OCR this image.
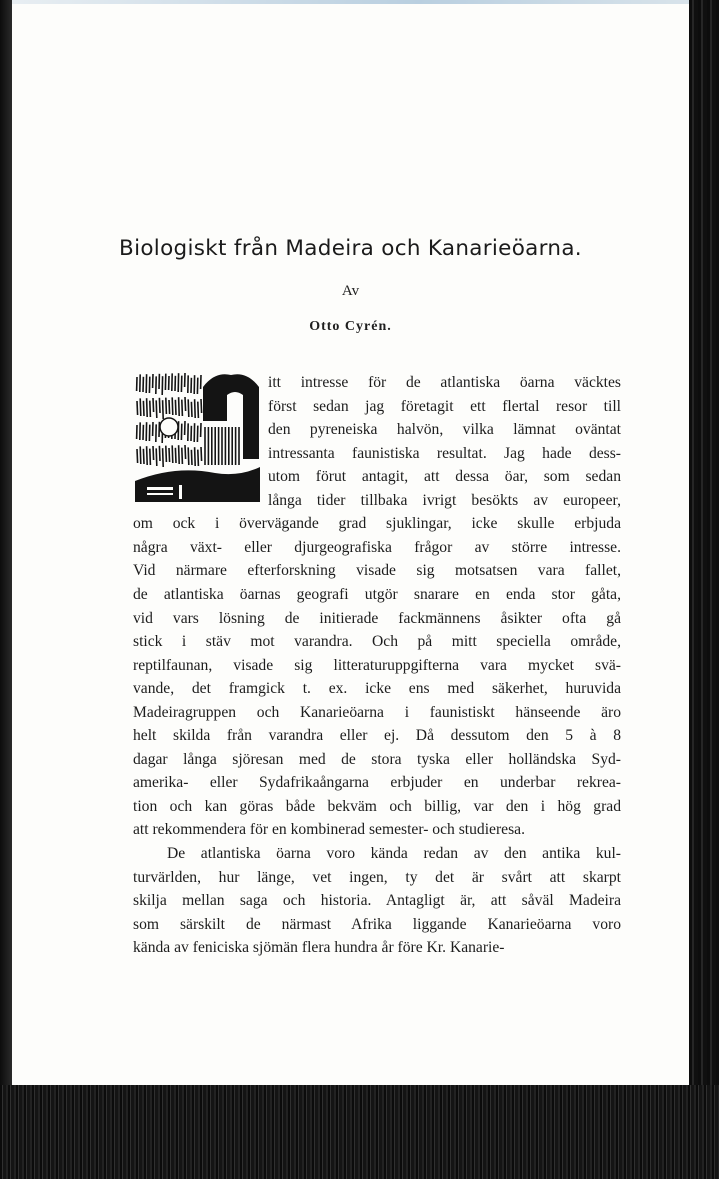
Biologiskt från Madeira och Kanarieöarna.
Av
Otto Cyrén.
itt intresse för de atlantiska öarna väcktes
först sedan jag företagit ett flertal resor till
den pyreneiska halvön, vilka lämnat oväntat
intressanta faunistiska resultat. Jag hade dess-
utom förut antagit, att dessa öar, som sedan
långa tider tillbaka ivrigt besökts av europeer,
om ock i övervägande grad sjuklingar, icke skulle erbjuda
några växt- eller djurgeografiska frågor av större intresse.
Vid närmare efterforskning visade sig motsatsen vara fallet,
de atlantiska öarnas geografi utgör snarare en enda stor gåta,
vid vars lösning de initierade fackmännens åsikter ofta gå
stick i stäv mot varandra. Och på mitt speciella område,
reptilfaunan, visade sig litteraturuppgifterna vara mycket svä-
vande, det framgick t. ex. icke ens med säkerhet, huruvida
Madeiragruppen och Kanarieöarna i faunistiskt hänseende äro
helt skilda från varandra eller ej. Då dessutom den 5 à 8
dagar långa sjöresan med de stora tyska eller holländska Syd-
amerika- eller Sydafrikaångarna erbjuder en underbar rekrea-
tion och kan göras både bekväm och billig, var den i hög grad
att rekommendera för en kombinerad semester- och studieresa.
De atlantiska öarna voro kända redan av den antika kul-
turvärlden, hur länge, vet ingen, ty det är svårt att skarpt
skilja mellan saga och historia. Antagligt är, att såväl Madeira
som särskilt de närmast Afrika liggande Kanarieöarna voro
kända av feniciska sjömän flera hundra år före Kr. Kanarie-
